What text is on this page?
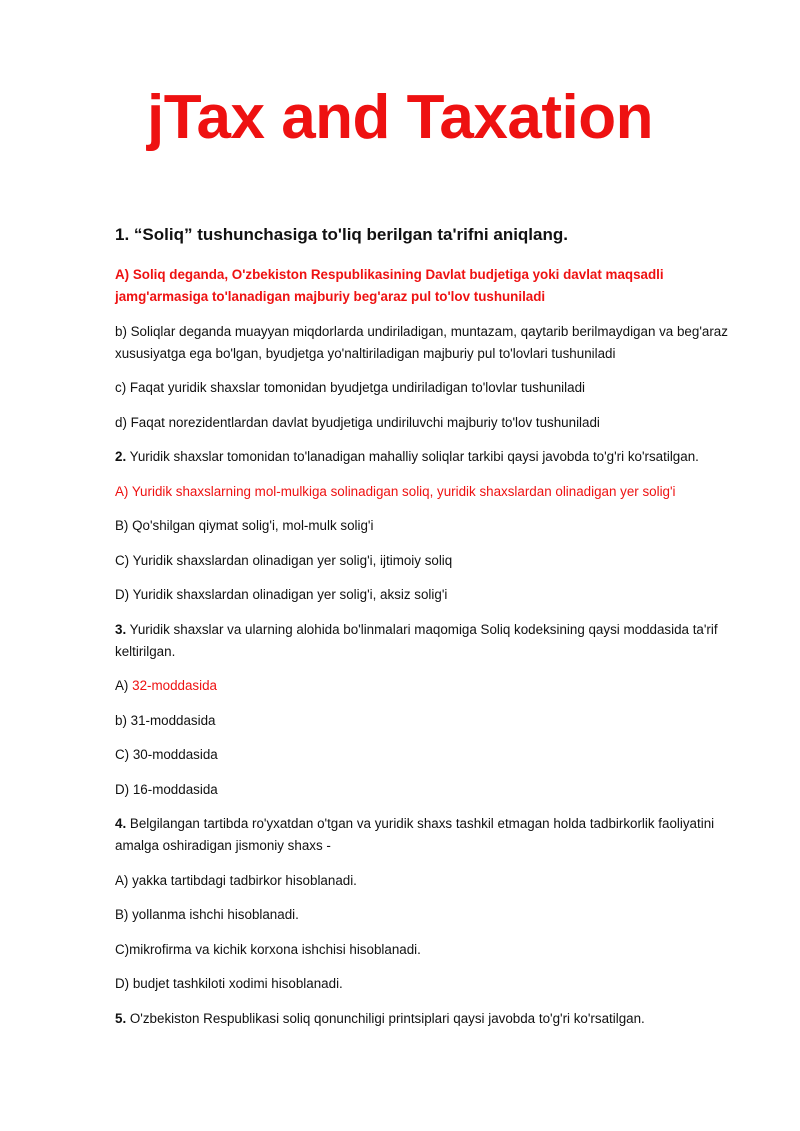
jTax and Taxation
1. “Soliq” tushunchasiga to'liq berilgan ta'rifni aniqlang.
A) Soliq deganda, O'zbekiston Respublikasining Davlat budjetiga yoki davlat maqsadli jamg'armasiga to'lanadigan majburiy beg'araz pul to'lov tushuniladi
b) Soliqlar deganda muayyan miqdorlarda undiriladigan, muntazam, qaytarib berilmaydigan va beg'araz xususiyatga ega bo'lgan, byudjetga yo'naltiriladigan majburiy pul to'lovlari tushuniladi
c) Faqat yuridik shaxslar tomonidan byudjetga undiriladigan to'lovlar tushuniladi
d) Faqat norezidentlardan davlat byudjetiga undiriluvchi majburiy to'lov tushuniladi
2. Yuridik shaxslar tomonidan to'lanadigan mahalliy soliqlar tarkibi qaysi javobda to'g'ri ko'rsatilgan.
A) Yuridik shaxslarning mol-mulkiga solinadigan soliq, yuridik shaxslardan olinadigan yer solig'i
B) Qo'shilgan qiymat solig'i, mol-mulk solig'i
C) Yuridik shaxslardan olinadigan yer solig'i, ijtimoiy soliq
D) Yuridik shaxslardan olinadigan yer solig'i, aksiz solig'i
3. Yuridik shaxslar va ularning alohida bo'linmalari maqomiga Soliq kodeksining qaysi moddasida ta'rif keltirilgan.
A) 32-moddasida
b) 31-moddasida
C) 30-moddasida
D) 16-moddasida
4. Belgilangan tartibda ro'yxatdan o'tgan va yuridik shaxs tashkil etmagan holda tadbirkorlik faoliyatini amalga oshiradigan jismoniy shaxs -
A) yakka tartibdagi tadbirkor hisoblanadi.
B) yollanma ishchi hisoblanadi.
C)mikrofirma va kichik korxona ishchisi hisoblanadi.
D) budjet tashkiloti xodimi hisoblanadi.
5. O'zbekiston Respublikasi soliq qonunchiligi printsiplari qaysi javobda to'g'ri ko'rsatilgan.
